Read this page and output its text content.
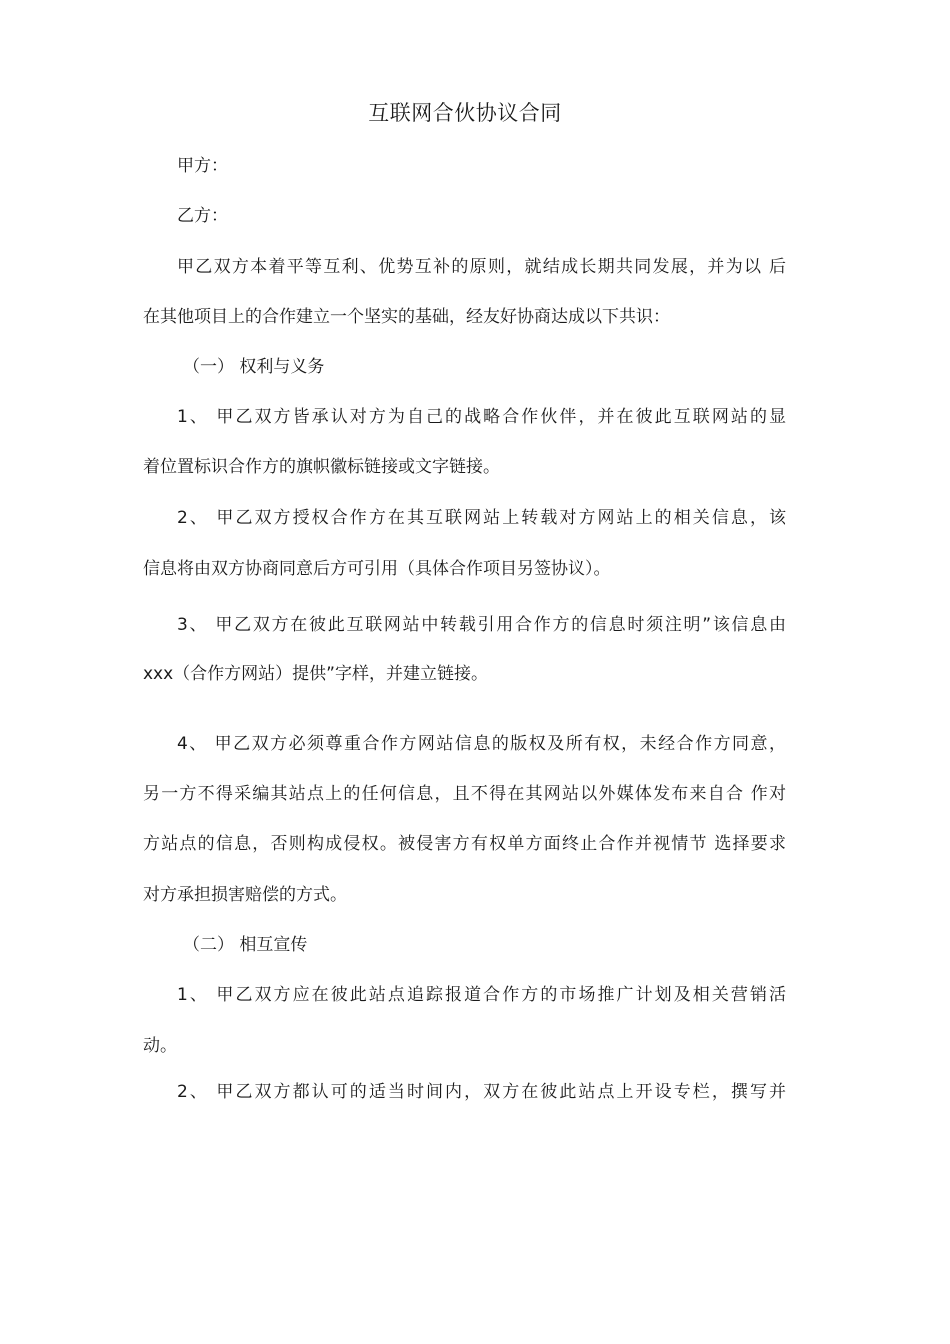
互联网合伙协议合同
甲方：
乙方：
甲乙双方本着平等互利、优势互补的原则，就结成长期共同发展，并为以 后
在其他项目上的合作建立一个坚实的基础，经友好协商达成以下共识：
（一） 权利与义务
1、 甲乙双方皆承认对方为自己的战略合作伙伴，并在彼此互联网站的显
着位置标识合作方的旗帜徽标链接或文字链接。
2、 甲乙双方授权合作方在其互联网站上转载对方网站上的相关信息，该
信息将由双方协商同意后方可引用（具体合作项目另签协议）。
3、 甲乙双方在彼此互联网站中转载引用合作方的信息时须注明”该信息由
xxx（合作方网站）提供”字样，并建立链接。
4、 甲乙双方必须尊重合作方网站信息的版权及所有权，未经合作方同意，
另一方不得采编其站点上的任何信息，且不得在其网站以外媒体发布来自合 作对
方站点的信息，否则构成侵权。被侵害方有权单方面终止合作并视情节 选择要求
对方承担损害赔偿的方式。
（二） 相互宣传
1、 甲乙双方应在彼此站点追踪报道合作方的市场推广计划及相关营销活
动。
2、 甲乙双方都认可的适当时间内，双方在彼此站点上开设专栏，撰写并
